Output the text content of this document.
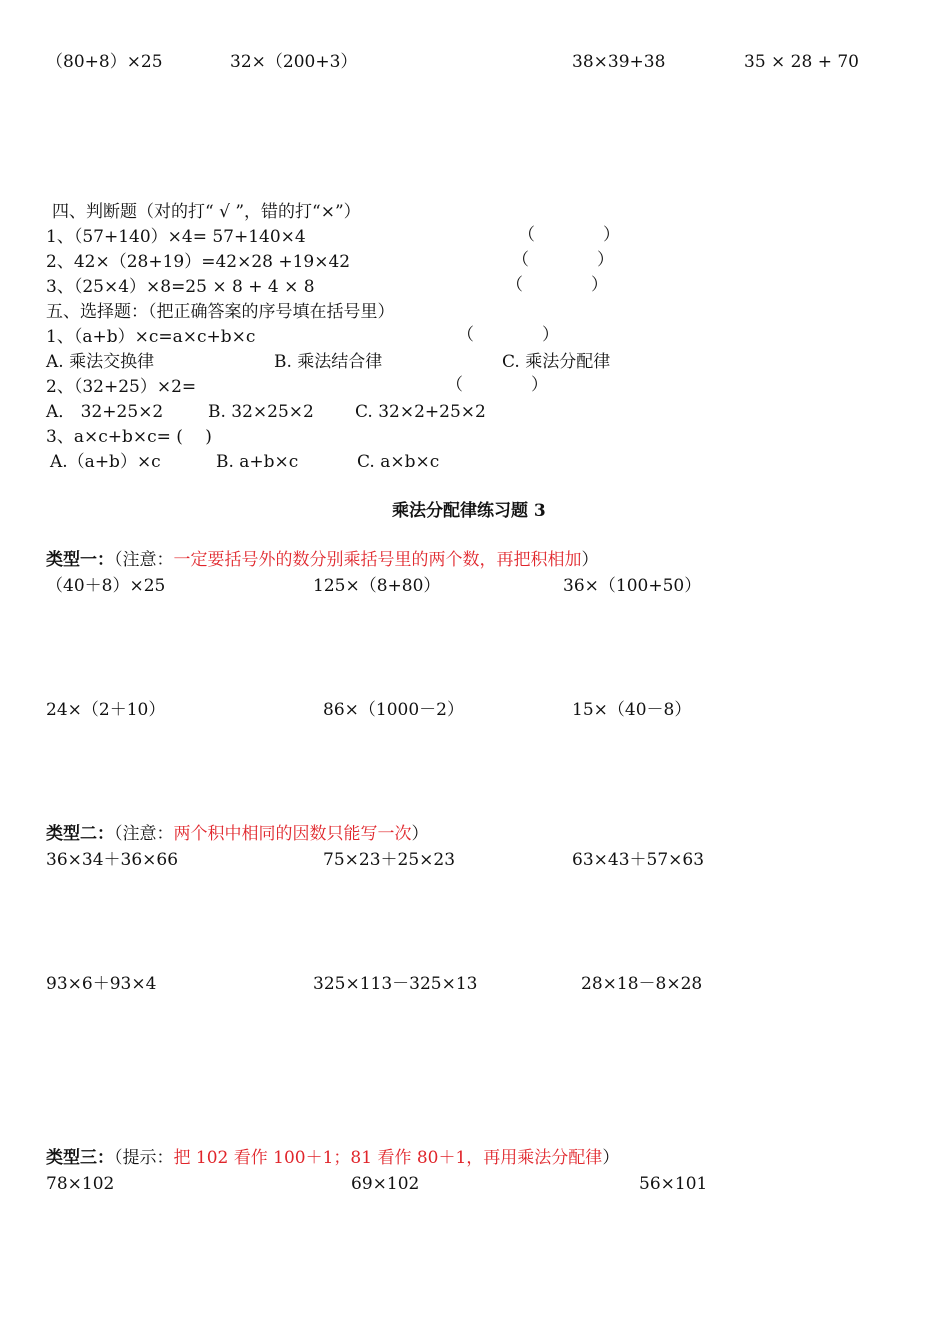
（80+8）×25	32×（200+3）	38×39+38	35 × 28 + 70
四、判断题（对的打“ √ ”，错的打“×”）
1、（57+140）×4= 57+140×4	（　　　　）
2、42×（28+19）=42×28 +19×42	（　　　　）
3、（25×4）×8=25 × 8 + 4 × 8	（　　　　）
五、选择题：（把正确答案的序号填在括号里）
1、（a+b）×c=a×c+b×c	（　　　　）
A. 乘法交换律	B. 乘法结合律	C. 乘法分配律
2、（32+25）×2=	（　　　　）
A． 32+25×2	B. 32×25×2 C. 32×2+25×2
3、a×c+b×c= (　 )
A.（a+b）×c	B. a+b×c	C. a×b×c
乘法分配律练习题 3
类型一：（注意：一定要括号外的数分别乘括号里的两个数，再把积相加）
（40＋8）×25	125×（8+80）	36×（100+50）
24×（2＋10）	86×（1000－2）	15×（40－8）
类型二：（注意：两个积中相同的因数只能写一次）
36×34＋36×66	75×23＋25×23	63×43＋57×63
93×6＋93×4	325×113－325×13	28×18－8×28
类型三：（提示：把 102 看作 100＋1；81 看作 80＋1，再用乘法分配律）
78×102	69×102	56×101
